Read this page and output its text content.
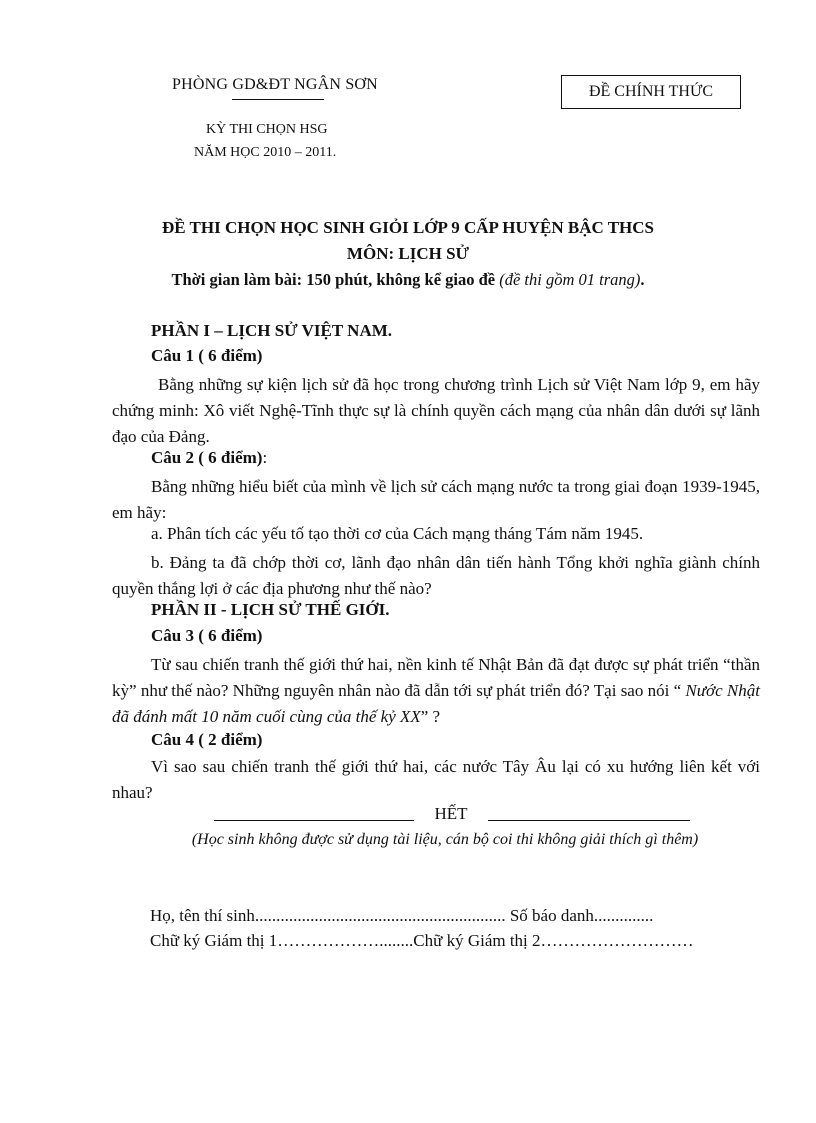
PHÒNG GD&ĐT NGÂN SƠN	ĐỀ CHÍNH THỨC
KỲ THI CHỌN HSG
NĂM HỌC 2010 – 2011.
ĐỀ THI CHỌN HỌC SINH GIỎI LỚP 9 CẤP HUYỆN BẬC THCS
MÔN: LỊCH SỬ
Thời gian làm bài: 150 phút, không kể giao đề (đề thi gồm 01 trang).
PHẦN I – LỊCH SỬ VIỆT NAM.
Câu 1 ( 6 điểm)
Bằng những sự kiện lịch sử đã học trong chương trình Lịch sử Việt Nam lớp 9, em hãy chứng minh: Xô viết Nghệ-Tĩnh thực sự là chính quyền cách mạng của nhân dân dưới sự lãnh đạo của Đảng.
Câu 2 ( 6 điểm):
Bằng những hiểu biết của mình về lịch sử cách mạng nước ta trong giai đoạn 1939-1945, em hãy:
a. Phân tích các yếu tố tạo thời cơ của Cách mạng tháng Tám năm 1945.
b. Đảng ta đã chớp thời cơ, lãnh đạo nhân dân tiến hành Tổng khởi nghĩa giành chính quyền thắng lợi ở các địa phương như thế nào?
PHẦN II - LỊCH SỬ THẾ GIỚI.
Câu 3 ( 6 điểm)
Từ sau chiến tranh thế giới thứ hai, nền kinh tế Nhật Bản đã đạt được sự phát triển “thần kỳ” như thế nào? Những nguyên nhân nào đã dẫn tới sự phát triển đó? Tại sao nói “ Nước Nhật đã đánh mất 10 năm cuối cùng của thế kỷ XX” ?
Câu 4 ( 2 điểm)
Vì sao sau chiến tranh thế giới thứ hai, các nước Tây Âu lại có xu hướng liên kết với nhau?
HẾT
(Học sinh không được sử dụng tài liệu, cán bộ coi thi không giải thích gì thêm)
Họ, tên thí sinh........................................................... Số báo danh..............
Chữ ký Giám thị 1………………........Chữ ký Giám thị 2………………………
